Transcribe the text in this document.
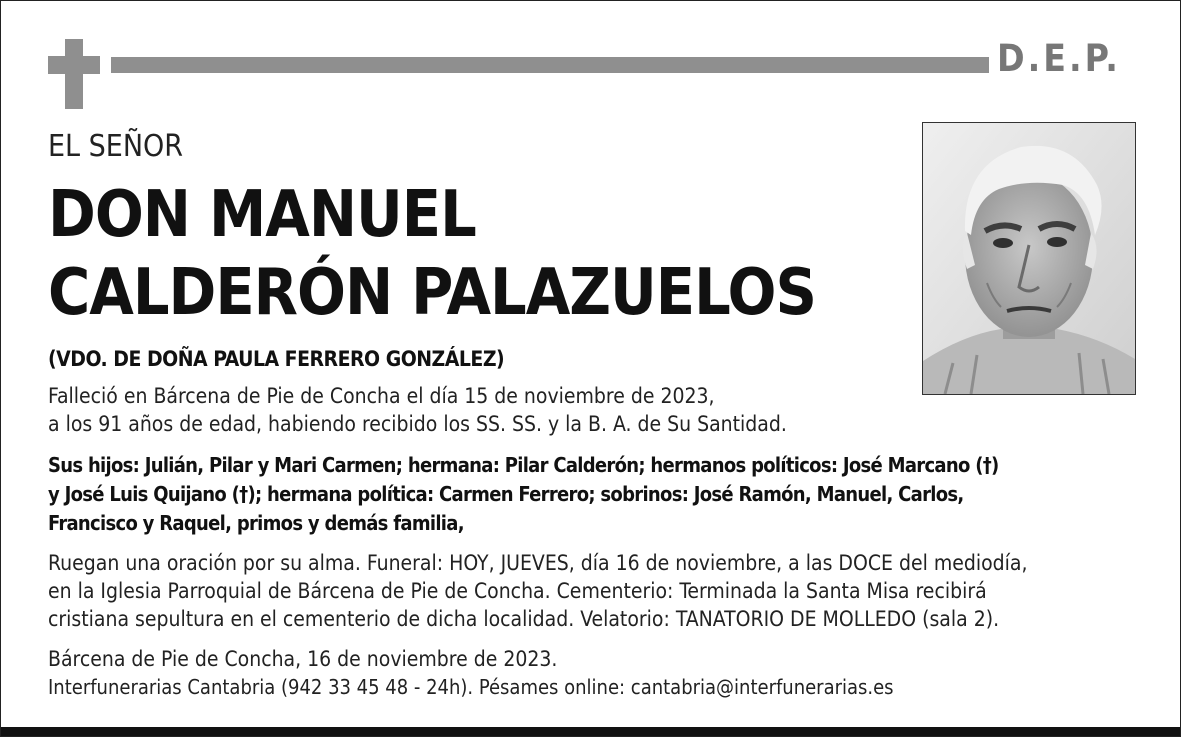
D.E.P.
EL SEÑOR
DON MANUEL
CALDERÓN PALAZUELOS
(VDO. DE DOÑA PAULA FERRERO GONZÁLEZ)
Falleció en Bárcena de Pie de Concha el día 15 de noviembre de 2023,
a los 91 años de edad, habiendo recibido los SS. SS. y la B. A. de Su Santidad.
Sus hijos: Julián, Pilar y Mari Carmen; hermana: Pilar Calderón; hermanos políticos: José Marcano (†)
y José Luis Quijano (†); hermana política: Carmen Ferrero; sobrinos: José Ramón, Manuel, Carlos,
Francisco y Raquel, primos y demás familia,
Ruegan una oración por su alma. Funeral: HOY, JUEVES, día 16 de noviembre, a las DOCE del mediodía,
en la Iglesia Parroquial de Bárcena de Pie de Concha. Cementerio: Terminada la Santa Misa recibirá
cristiana sepultura en el cementerio de dicha localidad. Velatorio: TANATORIO DE MOLLEDO (sala 2).
Bárcena de Pie de Concha, 16 de noviembre de 2023.
Interfunerarias Cantabria (942 33 45 48 - 24h). Pésames online: cantabria@interfunerarias.es
